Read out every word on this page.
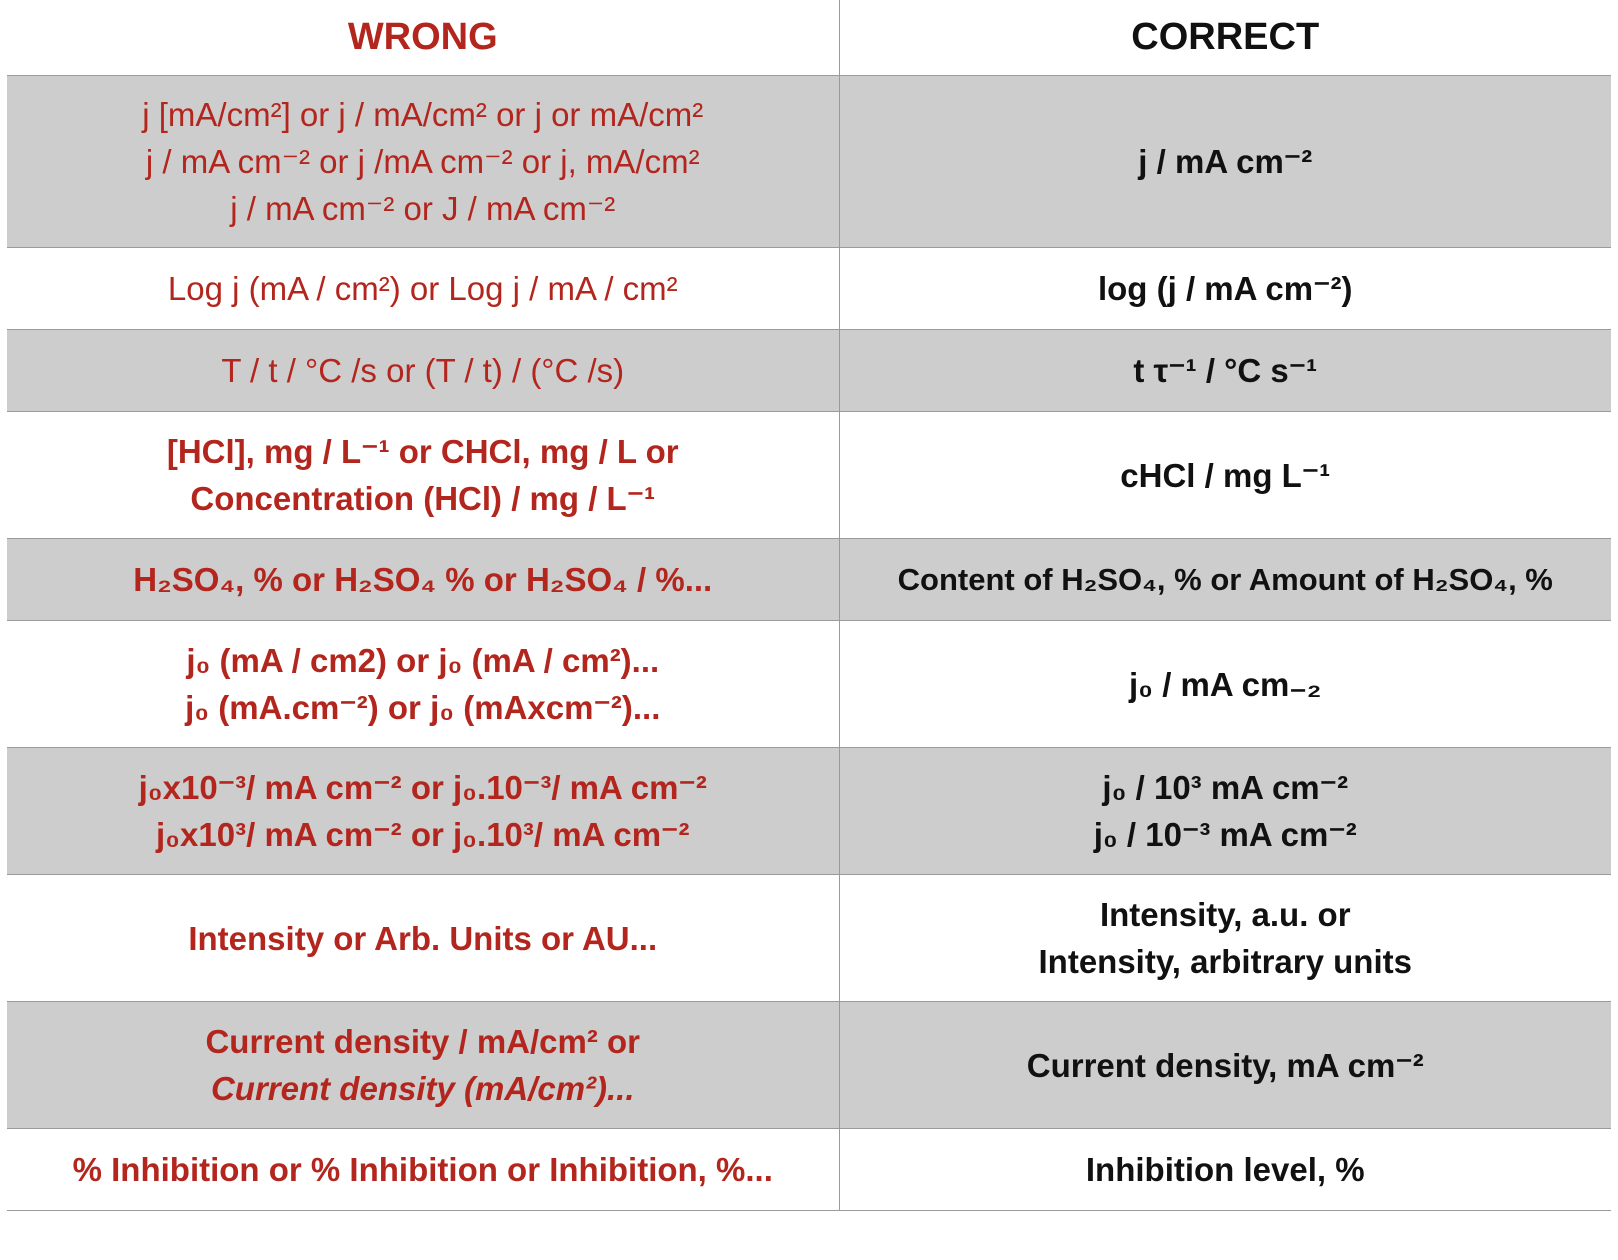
WRONG	CORRECT

j [mA/cm²] or j / mA/cm² or j or mA/cm²
j / mA cm⁻² or j /mA cm⁻² or j, mA/cm²
j / mA cm⁻² or J / mA cm⁻²	j / mA cm⁻²

Log j (mA / cm²) or Log j / mA / cm²	log (j / mA cm⁻²)

T / t / °C /s or (T / t) / (°C /s)	t τ⁻¹ / °C s⁻¹

[HCl], mg / L⁻¹ or CHCl, mg / L or
Concentration (HCl) / mg / L⁻¹	cHCl / mg L⁻¹

H₂SO₄, % or H₂SO₄ % or H₂SO₄ / %...	Content of H₂SO₄, % or Amount of H₂SO₄, %

j₀ (mA / cm2) or j₀ (mA / cm²)...
j₀ (mA.cm⁻²) or j₀ (mAxcm⁻²)...	j₀ / mA cm₋₂

j₀x10⁻³/ mA cm⁻² or j₀.10⁻³/ mA cm⁻²
j₀x10³/ mA cm⁻² or j₀.10³/ mA cm⁻²	j₀ / 10³ mA cm⁻²
j₀ / 10⁻³ mA cm⁻²

Intensity or Arb. Units or AU...	Intensity, a.u. or
Intensity, arbitrary units

Current density / mA/cm² or
Current density (mA/cm²)...	Current density, mA cm⁻²

% Inhibition or % Inhibition or Inhibition, %...	Inhibition level, %
